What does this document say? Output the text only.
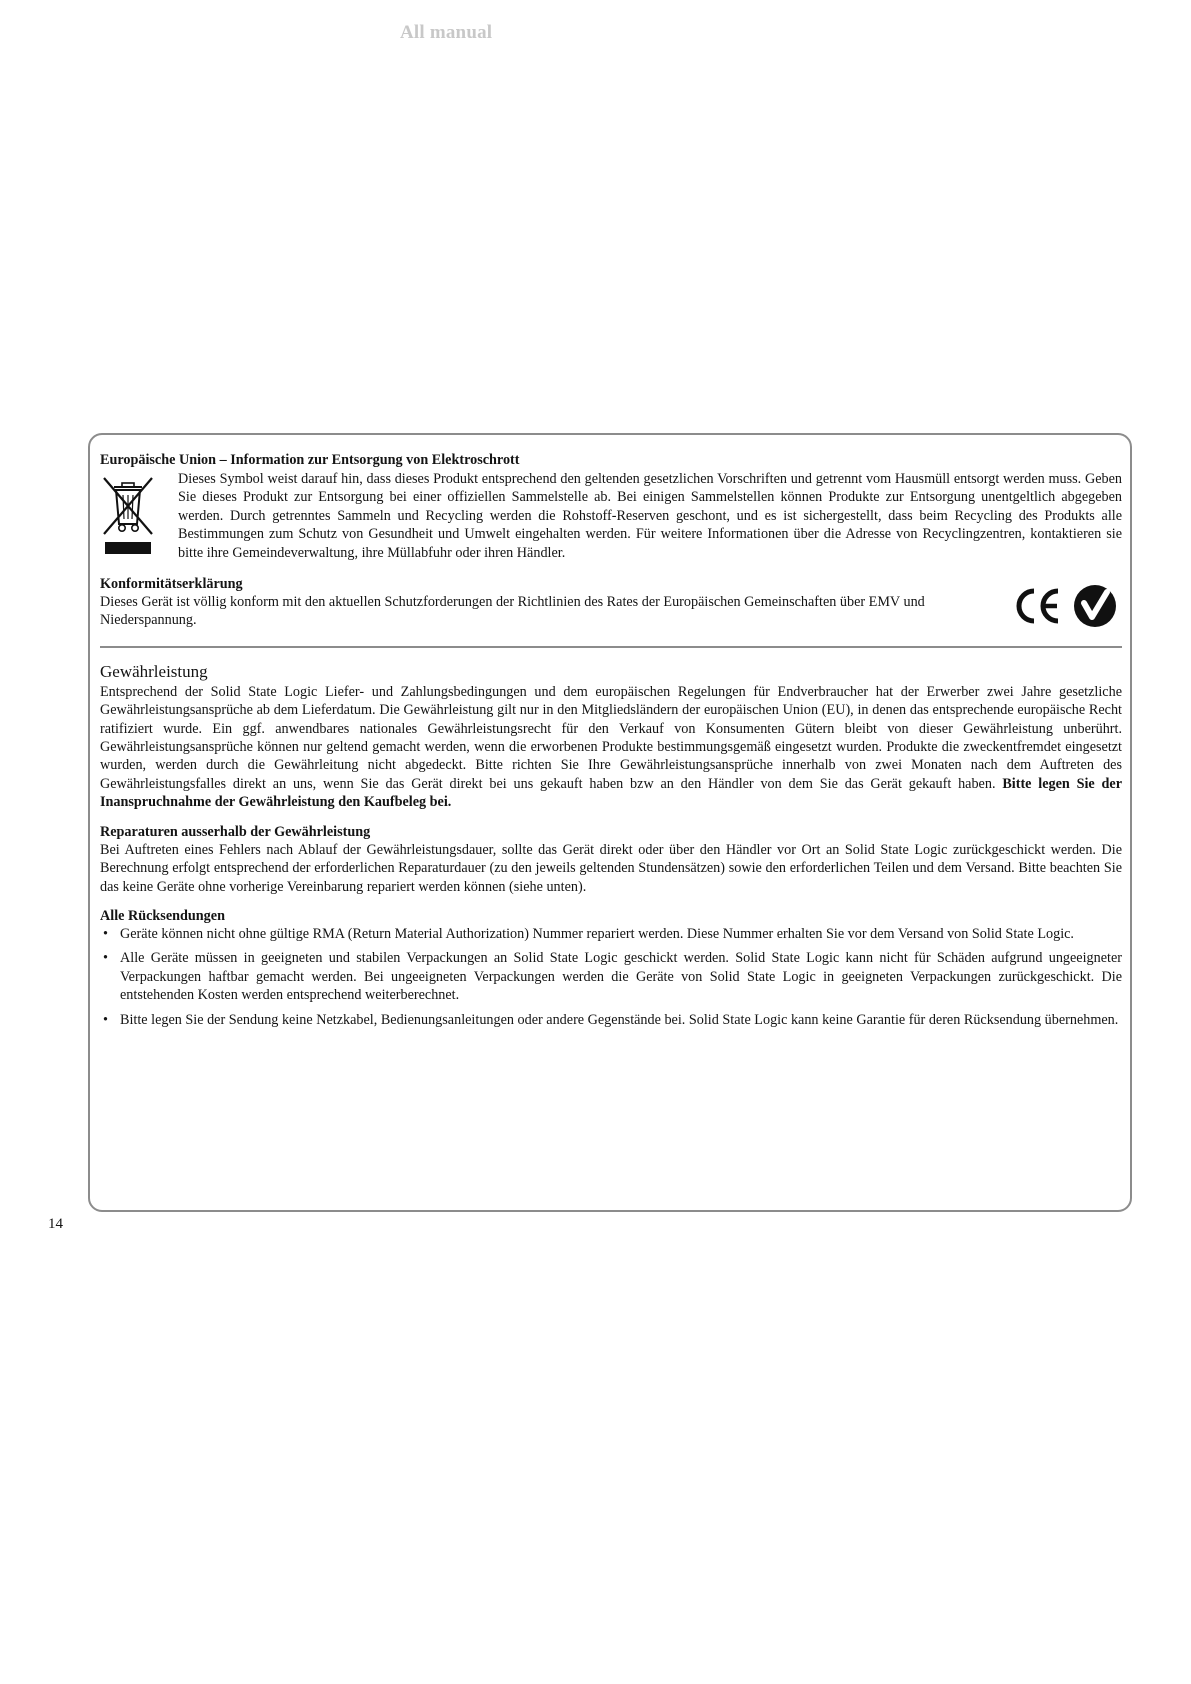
All manual

Europäische Union – Information zur Entsorgung von Elektroschrott

Dieses Symbol weist darauf hin, dass dieses Produkt entsprechend den geltenden gesetzlichen Vorschriften und getrennt vom Hausmüll entsorgt werden muss. Geben Sie dieses Produkt zur Entsorgung bei einer offiziellen Sammelstelle ab. Bei einigen Sammelstellen können Produkte zur Entsorgung unentgeltlich abgegeben werden. Durch getrenntes Sammeln und Recycling werden die Rohstoff-Reserven geschont, und es ist sichergestellt, dass beim Recycling des Produkts alle Bestimmungen zum Schutz von Gesundheit und Umwelt eingehalten werden. Für weitere Informationen über die Adresse von Recyclingzentren, kontaktieren sie bitte ihre Gemeindeverwaltung, ihre Müllabfuhr oder ihren Händler.

Konformitätserklärung

Dieses Gerät ist völlig konform mit den aktuellen Schutzforderungen der Richtlinien des Rates der Europäischen Gemeinschaften über EMV und Niederspannung.

Gewährleistung

Entsprechend der Solid State Logic Liefer- und Zahlungsbedingungen und dem europäischen Regelungen für Endverbraucher hat der Erwerber zwei Jahre gesetzliche Gewährleistungsansprüche ab dem Lieferdatum. Die Gewährleistung gilt nur in den Mitgliedsländern der europäischen Union (EU), in denen das entsprechende europäische Recht ratifiziert wurde. Ein ggf. anwendbares nationales Gewährleistungsrecht für den Verkauf von Konsumenten Gütern bleibt von dieser Gewährleistung unberührt. Gewährleistungsansprüche können nur geltend gemacht werden, wenn die erworbenen Produkte bestimmungsgemäß eingesetzt wurden. Produkte die zweckentfremdet eingesetzt wurden, werden durch die Gewährleitung nicht abgedeckt. Bitte richten Sie Ihre Gewährleistungsansprüche innerhalb von zwei Monaten nach dem Auftreten des Gewährleistungsfalles direkt an uns, wenn Sie das Gerät direkt bei uns gekauft haben bzw an den Händler von dem Sie das Gerät gekauft haben. Bitte legen Sie der Inanspruchnahme der Gewährleistung den Kaufbeleg bei.

Reparaturen ausserhalb der Gewährleistung

Bei Auftreten eines Fehlers nach Ablauf der Gewährleistungsdauer, sollte das Gerät direkt oder über den Händler vor Ort an Solid State Logic zurückgeschickt werden. Die Berechnung erfolgt entsprechend der erforderlichen Reparaturdauer (zu den jeweils geltenden Stundensätzen) sowie den erforderlichen Teilen und dem Versand. Bitte beachten Sie das keine Geräte ohne vorherige Vereinbarung repariert werden können (siehe unten).

Alle Rücksendungen

• Geräte können nicht ohne gültige RMA (Return Material Authorization) Nummer repariert werden. Diese Nummer erhalten Sie vor dem Versand von Solid State Logic.
• Alle Geräte müssen in geeigneten und stabilen Verpackungen an Solid State Logic geschickt werden. Solid State Logic kann nicht für Schäden aufgrund ungeeigneter Verpackungen haftbar gemacht werden. Bei ungeeigneten Verpackungen werden die Geräte von Solid State Logic in geeigneten Verpackungen zurückgeschickt. Die entstehenden Kosten werden entsprechend weiterberechnet.
• Bitte legen Sie der Sendung keine Netzkabel, Bedienungsanleitungen oder andere Gegenstände bei. Solid State Logic kann keine Garantie für deren Rücksendung übernehmen.
14
